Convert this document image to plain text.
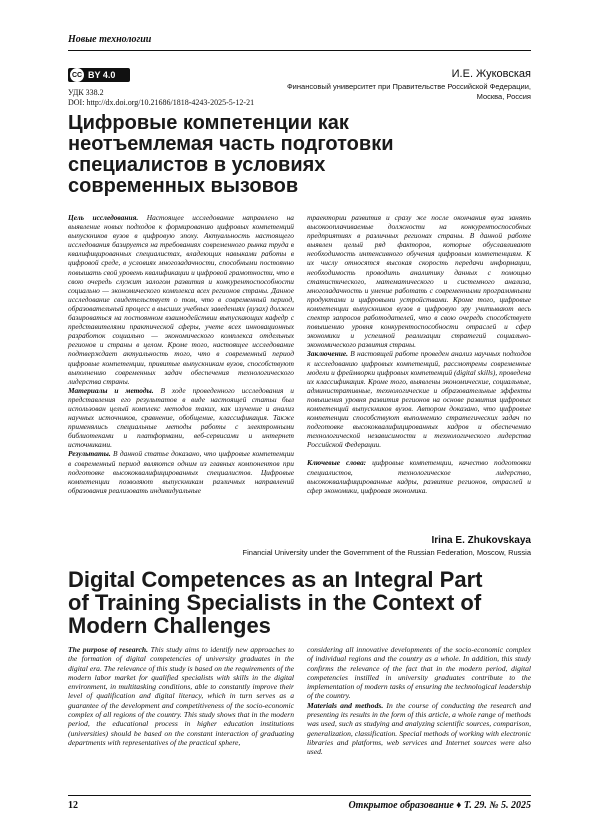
Новые технологии
CC BY 4.0
УДК 338.2
DOI: http://dx.doi.org/10.21686/1818-4243-2025-5-12-21
И.Е. Жуковская
Финансовый университет при Правительстве Российской Федерации,
Москва, Россия
Цифровые компетенции как неотъемлемая часть подготовки специалистов в условиях современных вызовов

Цель исследования. Настоящее исследование направлено на выявление новых подходов к формированию цифровых компетенций выпускников вузов в цифровую эпоху. Актуальность настоящего исследования базируется на требованиях современного рынка труда в квалифицированных специалистах, владеющих навыками работы в цифровой среде, в условиях многозадачности, способными постоянно повышать свой уровень квалификации и цифровой грамотности, что в свою очередь служит залогом развития и конкурентоспособности социально — экономического комплекса всех регионов страны. Данное исследование свидетельствует о том, что в современный период, образовательный процесс в высших учебных заведениях (вузах) должен базироваться на постоянном взаимодействии выпускающих кафедр с представителями практической сферы, учете всех инновационных разработок социально — экономического комплекса отдельных регионов и страны в целом. Кроме того, настоящее исследование подтверждает актуальность того, что в современный период цифровые компетенции, привитые выпускникам вузов, способствуют выполнению современных задач обеспечения технологического лидерства страны.

Материалы и методы. В ходе проведенного исследования и представления его результатов в виде настоящей статьи был использован целый комплекс методов таких, как изучение и анализ научных источников, сравнение, обобщение, классификация. Также применялись специальные методы работы с электронными библиотеками и платформами, веб-сервисами и интернет источниками.

Результаты. В данной статье доказано, что цифровые компетенции в современный период являются одним из главных компонентов при подготовке высококвалифицированных специалистов. Цифровые компетенции позволяют выпускникам различных направлений образования реализовать индивидуальные

траектории развития и сразу же после окончания вуза занять высокооплачиваемые должности на конкурентоспособных предприятиях в различных регионах страны. В данной работе выявлен целый ряд факторов, которые обуславливают необходимость интенсивного обучения цифровым компетенциям. К их числу относятся высокая скорость передачи информации, необходимость проводить аналитику данных с помощью статистического, математического и системного анализа, многозадачность и умение работать с современными программными продуктами и цифровыми устройствами. Кроме того, цифровые компетенции выпускников вузов в цифровую эру учитывают весь спектр запросов работодателей, что в свою очередь способствует повышению уровня конкурентоспособности отраслей и сфер экономики и успешной реализации стратегий социально-экономического развития страны.

Заключение. В настоящей работе проведен анализ научных подходов к исследованию цифровых компетенций, рассмотрены современные модели и фреймворки цифровых компетенций (digital skills), проведена их классификация. Кроме того, выявлены экономические, социальные, административные, технологические и образовательные эффекты повышения уровня развития регионов на основе развития цифровых компетенций выпускников вузов. Автором доказано, что цифровые компетенции способствуют выполнению стратегических задач по подготовке высококвалифицированных кадров и обеспечению технологической независимости и технологического лидерства Российской Федерации.

Ключевые слова: цифровые компетенции, качество подготовки специалистов, технологическое лидерство, высококвалифицированные кадры, развитие регионов, отраслей и сфер экономики, цифровая экономика.

Irina E. Zhukovskaya
Financial University under the Government of the Russian Federation, Moscow, Russia
Digital Competences as an Integral Part of Training Specialists in the Context of Modern Challenges

The purpose of research. This study aims to identify new approaches to the formation of digital competencies of university graduates in the digital era. The relevance of this study is based on the requirements of the modern labor market for qualified specialists with skills in the digital environment, in multitasking conditions, able to constantly improve their level of qualification and digital literacy, which in turn serves as a guarantee of the development and competitiveness of the socio-economic complex of all regions of the country. This study shows that in the modern period, the educational process in higher education institutions (universities) should be based on the constant interaction of graduating departments with representatives of the practical sphere,

considering all innovative developments of the socio-economic complex of individual regions and the country as a whole. In addition, this study confirms the relevance of the fact that in the modern period, digital competencies instilled in university graduates contribute to the implementation of modern tasks of ensuring the technological leadership of the country.

Materials and methods. In the course of conducting the research and presenting its results in the form of this article, a whole range of methods was used, such as studying and analyzing scientific sources, comparison, generalization, classification. Special methods of working with electronic libraries and platforms, web services and Internet sources were also used.

12	Открытое образование ♦ Т. 29. № 5. 2025
